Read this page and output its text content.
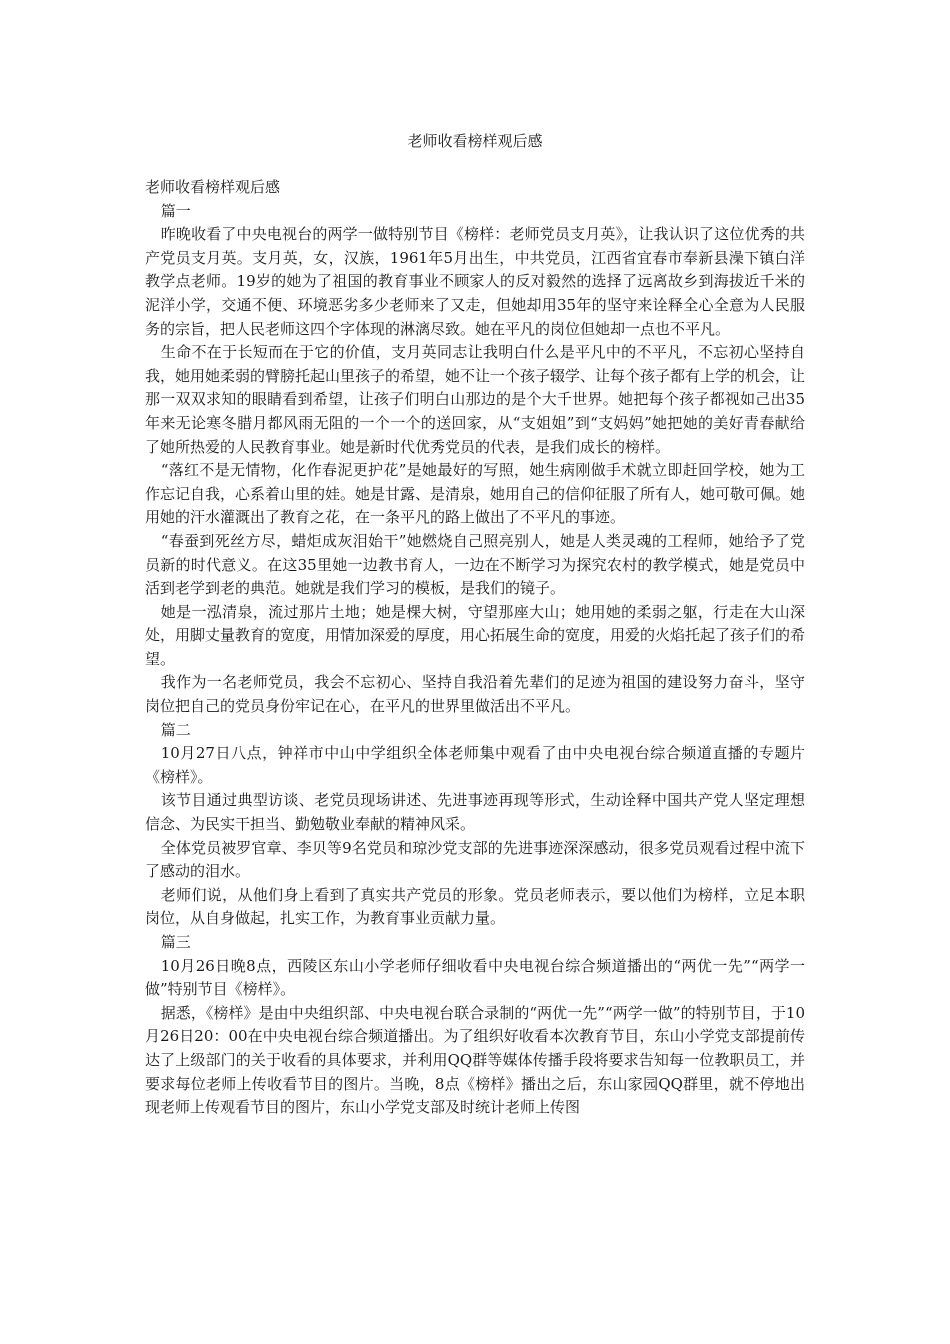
老师收看榜样观后感

老师收看榜样观后感

篇一

昨晚收看了中央电视台的两学一做特别节目《榜样：老师党员支月英》，让我认识了这位优秀的共产党员支月英。支月英，女，汉族，1961年5月出生，中共党员，江西省宜春市奉新县澡下镇白洋教学点老师。19岁的她为了祖国的教育事业不顾家人的反对毅然的选择了远离故乡到海拔近千米的泥洋小学，交通不便、环境恶劣多少老师来了又走，但她却用35年的坚守来诠释全心全意为人民服务的宗旨，把人民老师这四个字体现的淋漓尽致。她在平凡的岗位但她却一点也不平凡。

生命不在于长短而在于它的价值，支月英同志让我明白什么是平凡中的不平凡，不忘初心坚持自我，她用她柔弱的臂膀托起山里孩子的希望，她不让一个孩子辍学、让每个孩子都有上学的机会，让那一双双求知的眼睛看到希望，让孩子们明白山那边的是个大千世界。她把每个孩子都视如己出35年来无论寒冬腊月都风雨无阻的一个一个的送回家，从“支姐姐”到“支妈妈”她把她的美好青春献给了她所热爱的人民教育事业。她是新时代优秀党员的代表，是我们成长的榜样。

“落红不是无情物，化作春泥更护花”是她最好的写照，她生病刚做手术就立即赶回学校，她为工作忘记自我，心系着山里的娃。她是甘露、是清泉，她用自己的信仰征服了所有人，她可敬可佩。她用她的汗水灌溉出了教育之花，在一条平凡的路上做出了不平凡的事迹。

“春蚕到死丝方尽，蜡炬成灰泪始干”她燃烧自己照亮别人，她是人类灵魂的工程师，她给予了党员新的时代意义。在这35里她一边教书育人，一边在不断学习为探究农村的教学模式，她是党员中活到老学到老的典范。她就是我们学习的模板，是我们的镜子。

她是一泓清泉，流过那片土地；她是棵大树，守望那座大山；她用她的柔弱之躯，行走在大山深处，用脚丈量教育的宽度，用情加深爱的厚度，用心拓展生命的宽度，用爱的火焰托起了孩子们的希望。

我作为一名老师党员，我会不忘初心、坚持自我沿着先辈们的足迹为祖国的建设努力奋斗，坚守岗位把自己的党员身份牢记在心，在平凡的世界里做活出不平凡。

篇二

10月27日八点，钟祥市中山中学组织全体老师集中观看了由中央电视台综合频道直播的专题片《榜样》。

该节目通过典型访谈、老党员现场讲述、先进事迹再现等形式，生动诠释中国共产党人坚定理想信念、为民实干担当、勤勉敬业奉献的精神风采。

全体党员被罗官章、李贝等9名党员和琼沙党支部的先进事迹深深感动，很多党员观看过程中流下了感动的泪水。

老师们说，从他们身上看到了真实共产党员的形象。党员老师表示，要以他们为榜样，立足本职岗位，从自身做起，扎实工作，为教育事业贡献力量。

篇三

10月26日晚8点，西陵区东山小学老师仔细收看中央电视台综合频道播出的“两优一先”“两学一做”特别节目《榜样》。

据悉，《榜样》是由中央组织部、中央电视台联合录制的“两优一先”“两学一做”的特别节目，于10月26日20：00在中央电视台综合频道播出。为了组织好收看本次教育节目，东山小学党支部提前传达了上级部门的关于收看的具体要求，并利用QQ群等媒体传播手段将要求告知每一位教职员工，并要求每位老师上传收看节目的图片。当晚，8点《榜样》播出之后，东山家园QQ群里，就不停地出现老师上传观看节目的图片，东山小学党支部及时统计老师上传图
